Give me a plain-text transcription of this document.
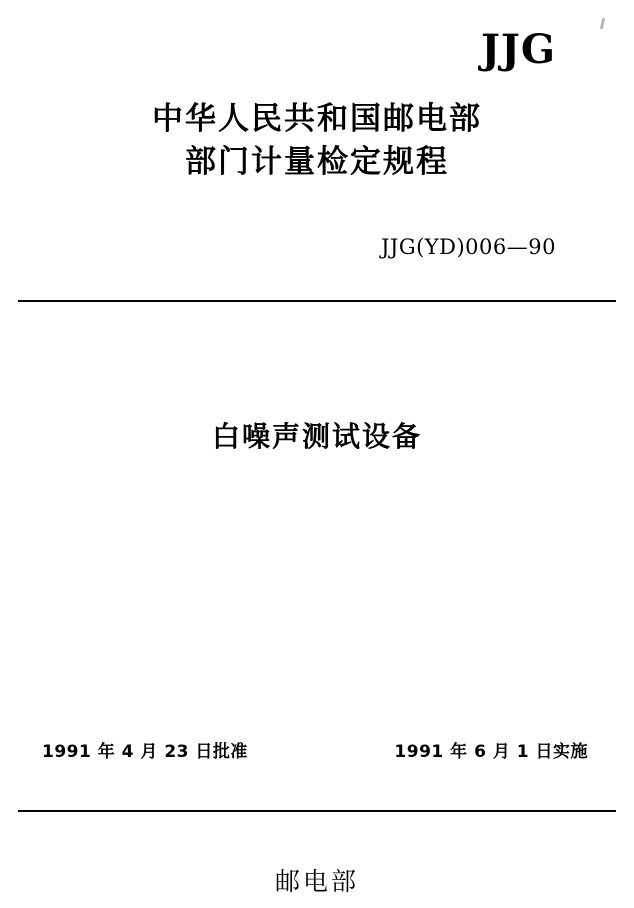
JJG
中华人民共和国邮电部
部门计量检定规程
JJG(YD)006—90
白噪声测试设备
1991 年 4 月 23 日批准	1991 年 6 月 1 日实施
邮电部
